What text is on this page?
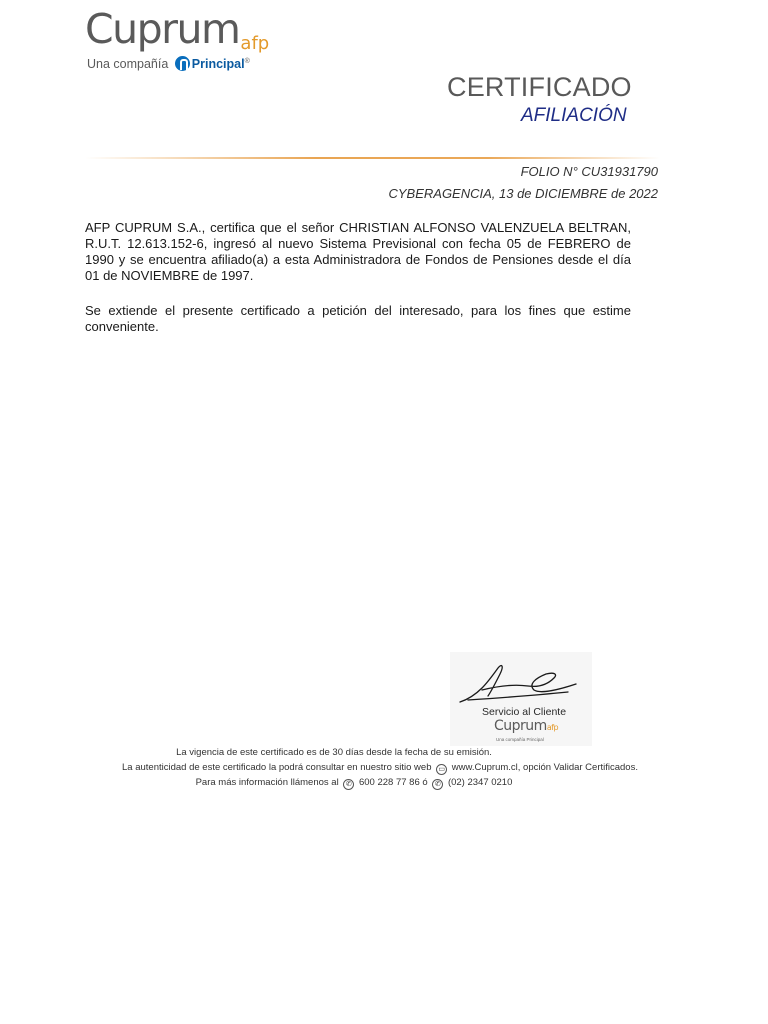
Cuprumafp
Una compañía Principal®
CERTIFICADO
AFILIACIÓN
FOLIO N° CU31931790
CYBERAGENCIA, 13 de DICIEMBRE de 2022
AFP CUPRUM S.A., certifica que el señor CHRISTIAN ALFONSO VALENZUELA BELTRAN, R.U.T. 12.613.152-6, ingresó al nuevo Sistema Previsional con fecha 05 de FEBRERO de 1990 y se encuentra afiliado(a) a esta Administradora de Fondos de Pensiones desde el día 01 de NOVIEMBRE de 1997.
Se extiende el presente certificado a petición del interesado, para los fines que estime conveniente.
Servicio al Cliente
Cuprumafp
Una compañía Principal
La vigencia de este certificado es de 30 días desde la fecha de su emisión.
La autenticidad de este certificado la podrá consultar en nuestro sitio web ▭ www.Cuprum.cl, opción Validar Certificados.
Para más información llámenos al ✆ 600 228 77 86 ó ✆ (02) 2347 0210
